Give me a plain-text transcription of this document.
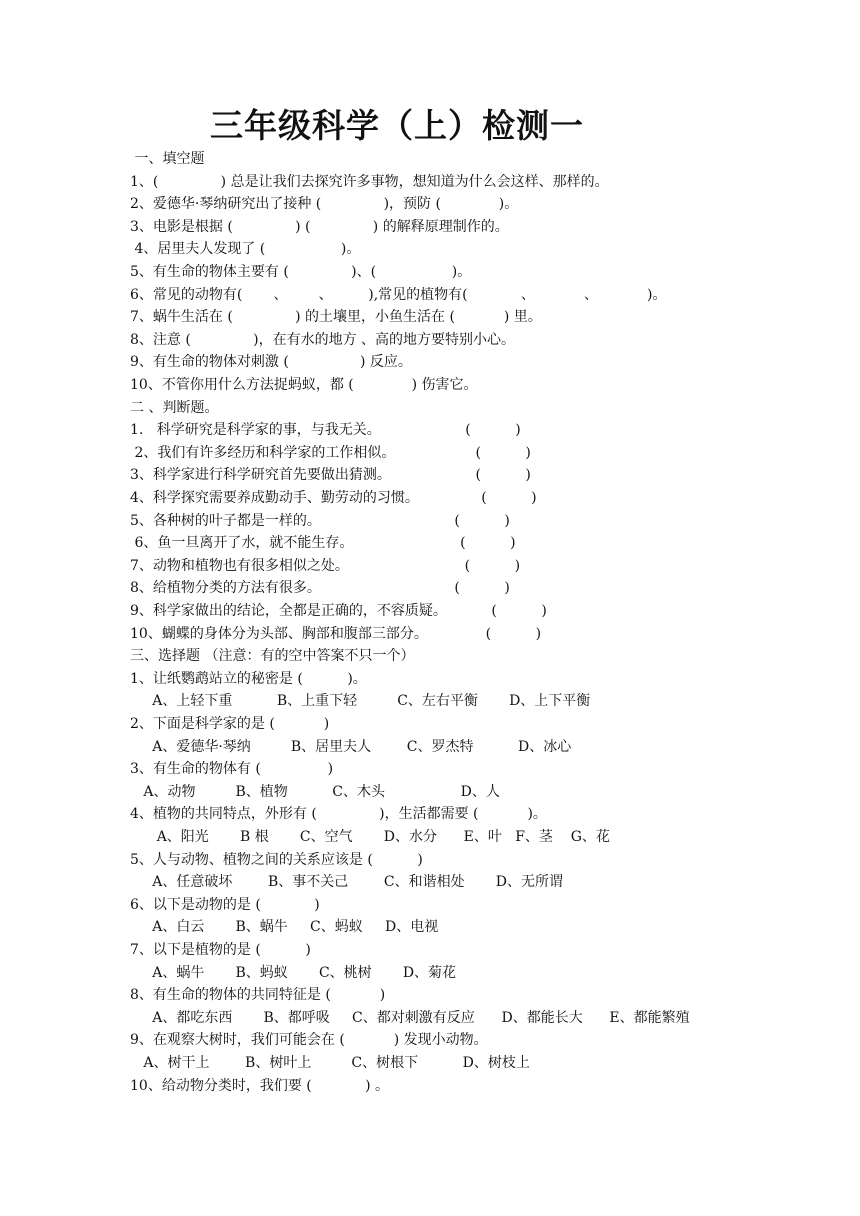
三年级科学（上）检测一
一、填空题
1、(              ) 总是让我们去探究许多事物，想知道为什么会这样、那样的。
2、爱德华·琴纳研究出了接种 (              )，预防 (             )。
3、电影是根据 (              ) (              ) 的解释原理制作的。
4、居里夫人发现了 (                 )。
5、有生命的物体主要有 (              )、(                 )。
6、常见的动物有(       、       、        ),常见的植物有(            、           、           )。
7、蜗牛生活在 (              ) 的土壤里，小鱼生活在 (           ) 里。
8、注意 (              )，在有水的地方 、高的地方要特别小心。
9、有生命的物体对刺激 (                ) 反应。
10、不管你用什么方法捉蚂蚁，都 (             ) 伤害它。
二 、判断题。
1.   科学研究是科学家的事，与我无关。                   (          )
2、我们有许多经历和科学家的工作相似。                  (          )
3、科学家进行科学研究首先要做出猜测。                   (          )
4、科学探究需要养成勤动手、勤劳动的习惯。              (          )
5、各种树的叶子都是一样的。                              (          )
6、鱼一旦离开了水，就不能生存。                        (          )
7、动物和植物也有很多相似之处。                          (          )
8、给植物分类的方法有很多。                              (          )
9、科学家做出的结论，全都是正确的，不容质疑。          (          )
10、蝴蝶的身体分为头部、胸部和腹部三部分。             (          )
三、选择题 （注意：有的空中答案不只一个）
1、让纸鹦鹉站立的秘密是 (          )。
A、上轻下重          B、上重下轻         C、左右平衡       D、上下平衡
2、下面是科学家的是 (           )
A、爱德华·琴纳         B、居里夫人        C、罗杰特          D、冰心
3、有生命的物体有 (               )
A、动物         B、植物          C、木头                 D、人
4、植物的共同特点，外形有 (              )，生活都需要 (           )。
A、阳光       B 根       C、空气       D、水分      E、叶   F、茎    G、花
5、人与动物、植物之间的关系应该是 (          )
A、任意破坏        B、事不关己        C、和谐相处       D、无所谓
6、以下是动物的是 (            )
A、白云       B、蜗牛     C、蚂蚁     D、电视
7、以下是植物的是 (          )
A、蜗牛       B、蚂蚁       C、桃树       D、菊花
8、有生命的物体的共同特征是 (           )
A、都吃东西       B、都呼吸     C、都对刺激有反应      D、都能长大      E、都能繁殖
9、在观察大树时，我们可能会在 (           ) 发现小动物。
A、树干上        B、树叶上         C、树根下          D、树枝上
10、给动物分类时，我们要 (            ) 。
